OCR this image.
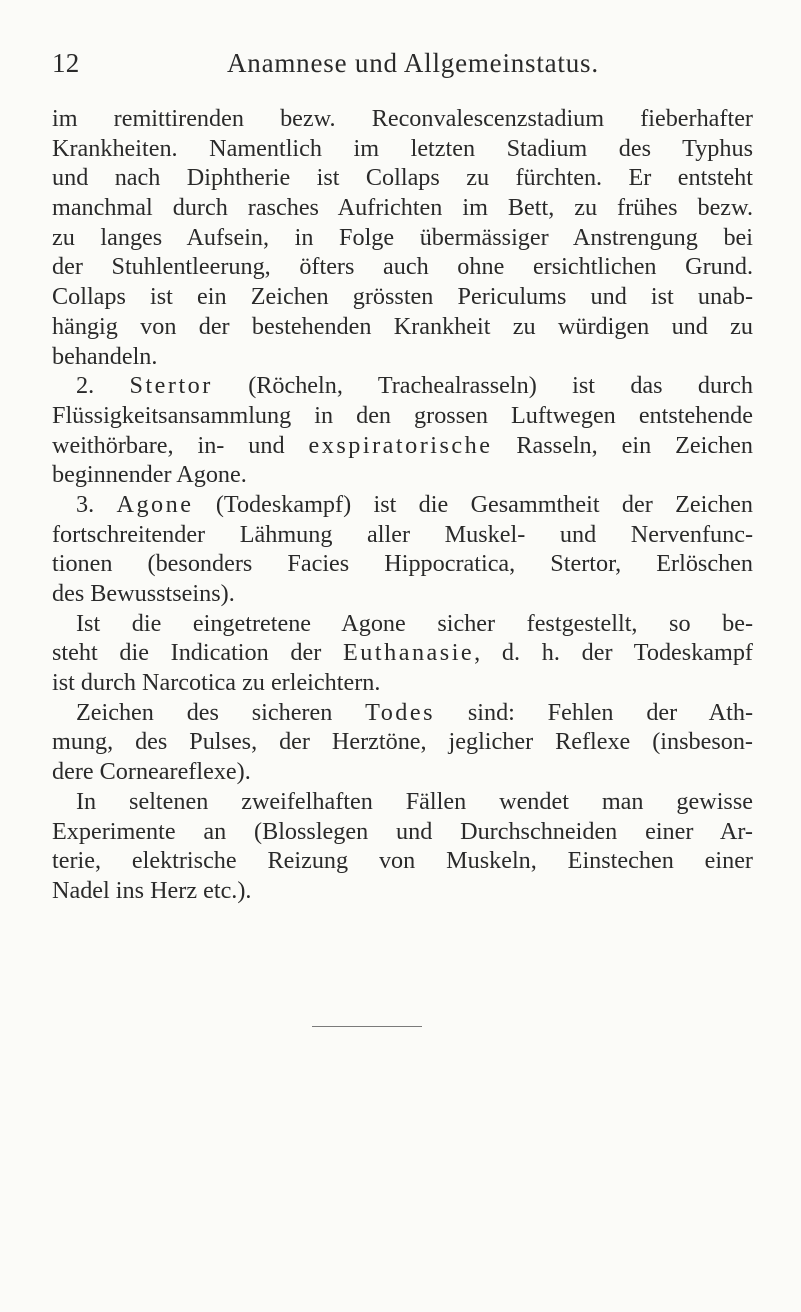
12	Anamnese und Allgemeinstatus.
im remittirenden bezw. Reconvalescenzstadium fieberhafter
Krankheiten. Namentlich im letzten Stadium des Typhus
und nach Diphtherie ist Collaps zu fürchten. Er entsteht
manchmal durch rasches Aufrichten im Bett, zu frühes bezw.
zu langes Aufsein, in Folge übermässiger Anstrengung bei
der Stuhlentleerung, öfters auch ohne ersichtlichen Grund.
Collaps ist ein Zeichen grössten Periculums und ist unab-
hängig von der bestehenden Krankheit zu würdigen und zu
behandeln.
2. Stertor (Röcheln, Trachealrasseln) ist das durch
Flüssigkeitsansammlung in den grossen Luftwegen entstehende
weithörbare, in- und exspiratorische Rasseln, ein Zeichen
beginnender Agone.
3. Agone (Todeskampf) ist die Gesammtheit der Zeichen
fortschreitender Lähmung aller Muskel- und Nervenfunc-
tionen (besonders Facies Hippocratica, Stertor, Erlöschen
des Bewusstseins).
Ist die eingetretene Agone sicher festgestellt, so be-
steht die Indication der Euthanasie, d. h. der Todeskampf
ist durch Narcotica zu erleichtern.
Zeichen des sicheren Todes sind: Fehlen der Ath-
mung, des Pulses, der Herztöne, jeglicher Reflexe (insbeson-
dere Corneareflexe).
In seltenen zweifelhaften Fällen wendet man gewisse
Experimente an (Blosslegen und Durchschneiden einer Ar-
terie, elektrische Reizung von Muskeln, Einstechen einer
Nadel ins Herz etc.).
